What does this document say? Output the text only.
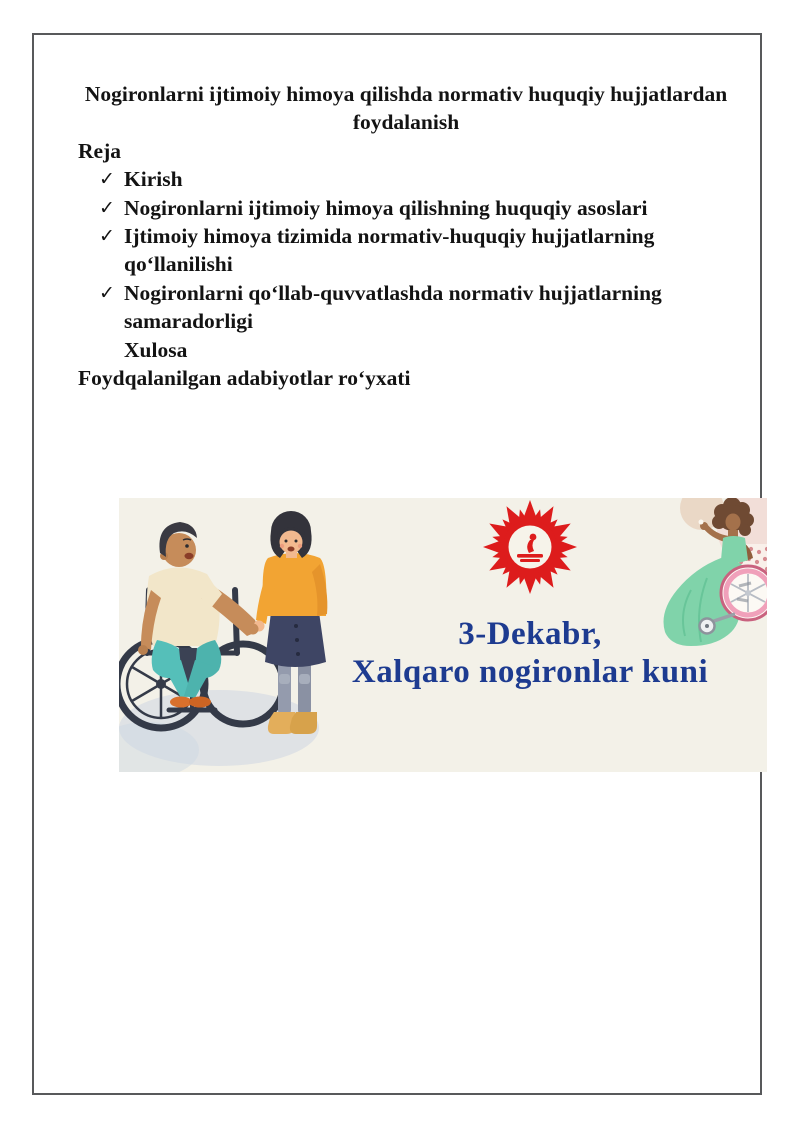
Nogironlarni ijtimoiy himoya qilishda normativ huquqiy hujjatlardan foydalanish
Reja
✓ Kirish
✓ Nogironlarni ijtimoiy himoya qilishning huquqiy asoslari
✓ Ijtimoiy himoya tizimida normativ-huquqiy hujjatlarning qo‘llanilishi
✓ Nogironlarni qo‘llab-quvvatlashda normativ hujjatlarning samaradorligi
Xulosa
Foydqalanilgan adabiyotlar ro‘yxati
3-Dekabr,
Xalqaro nogironlar kuni
